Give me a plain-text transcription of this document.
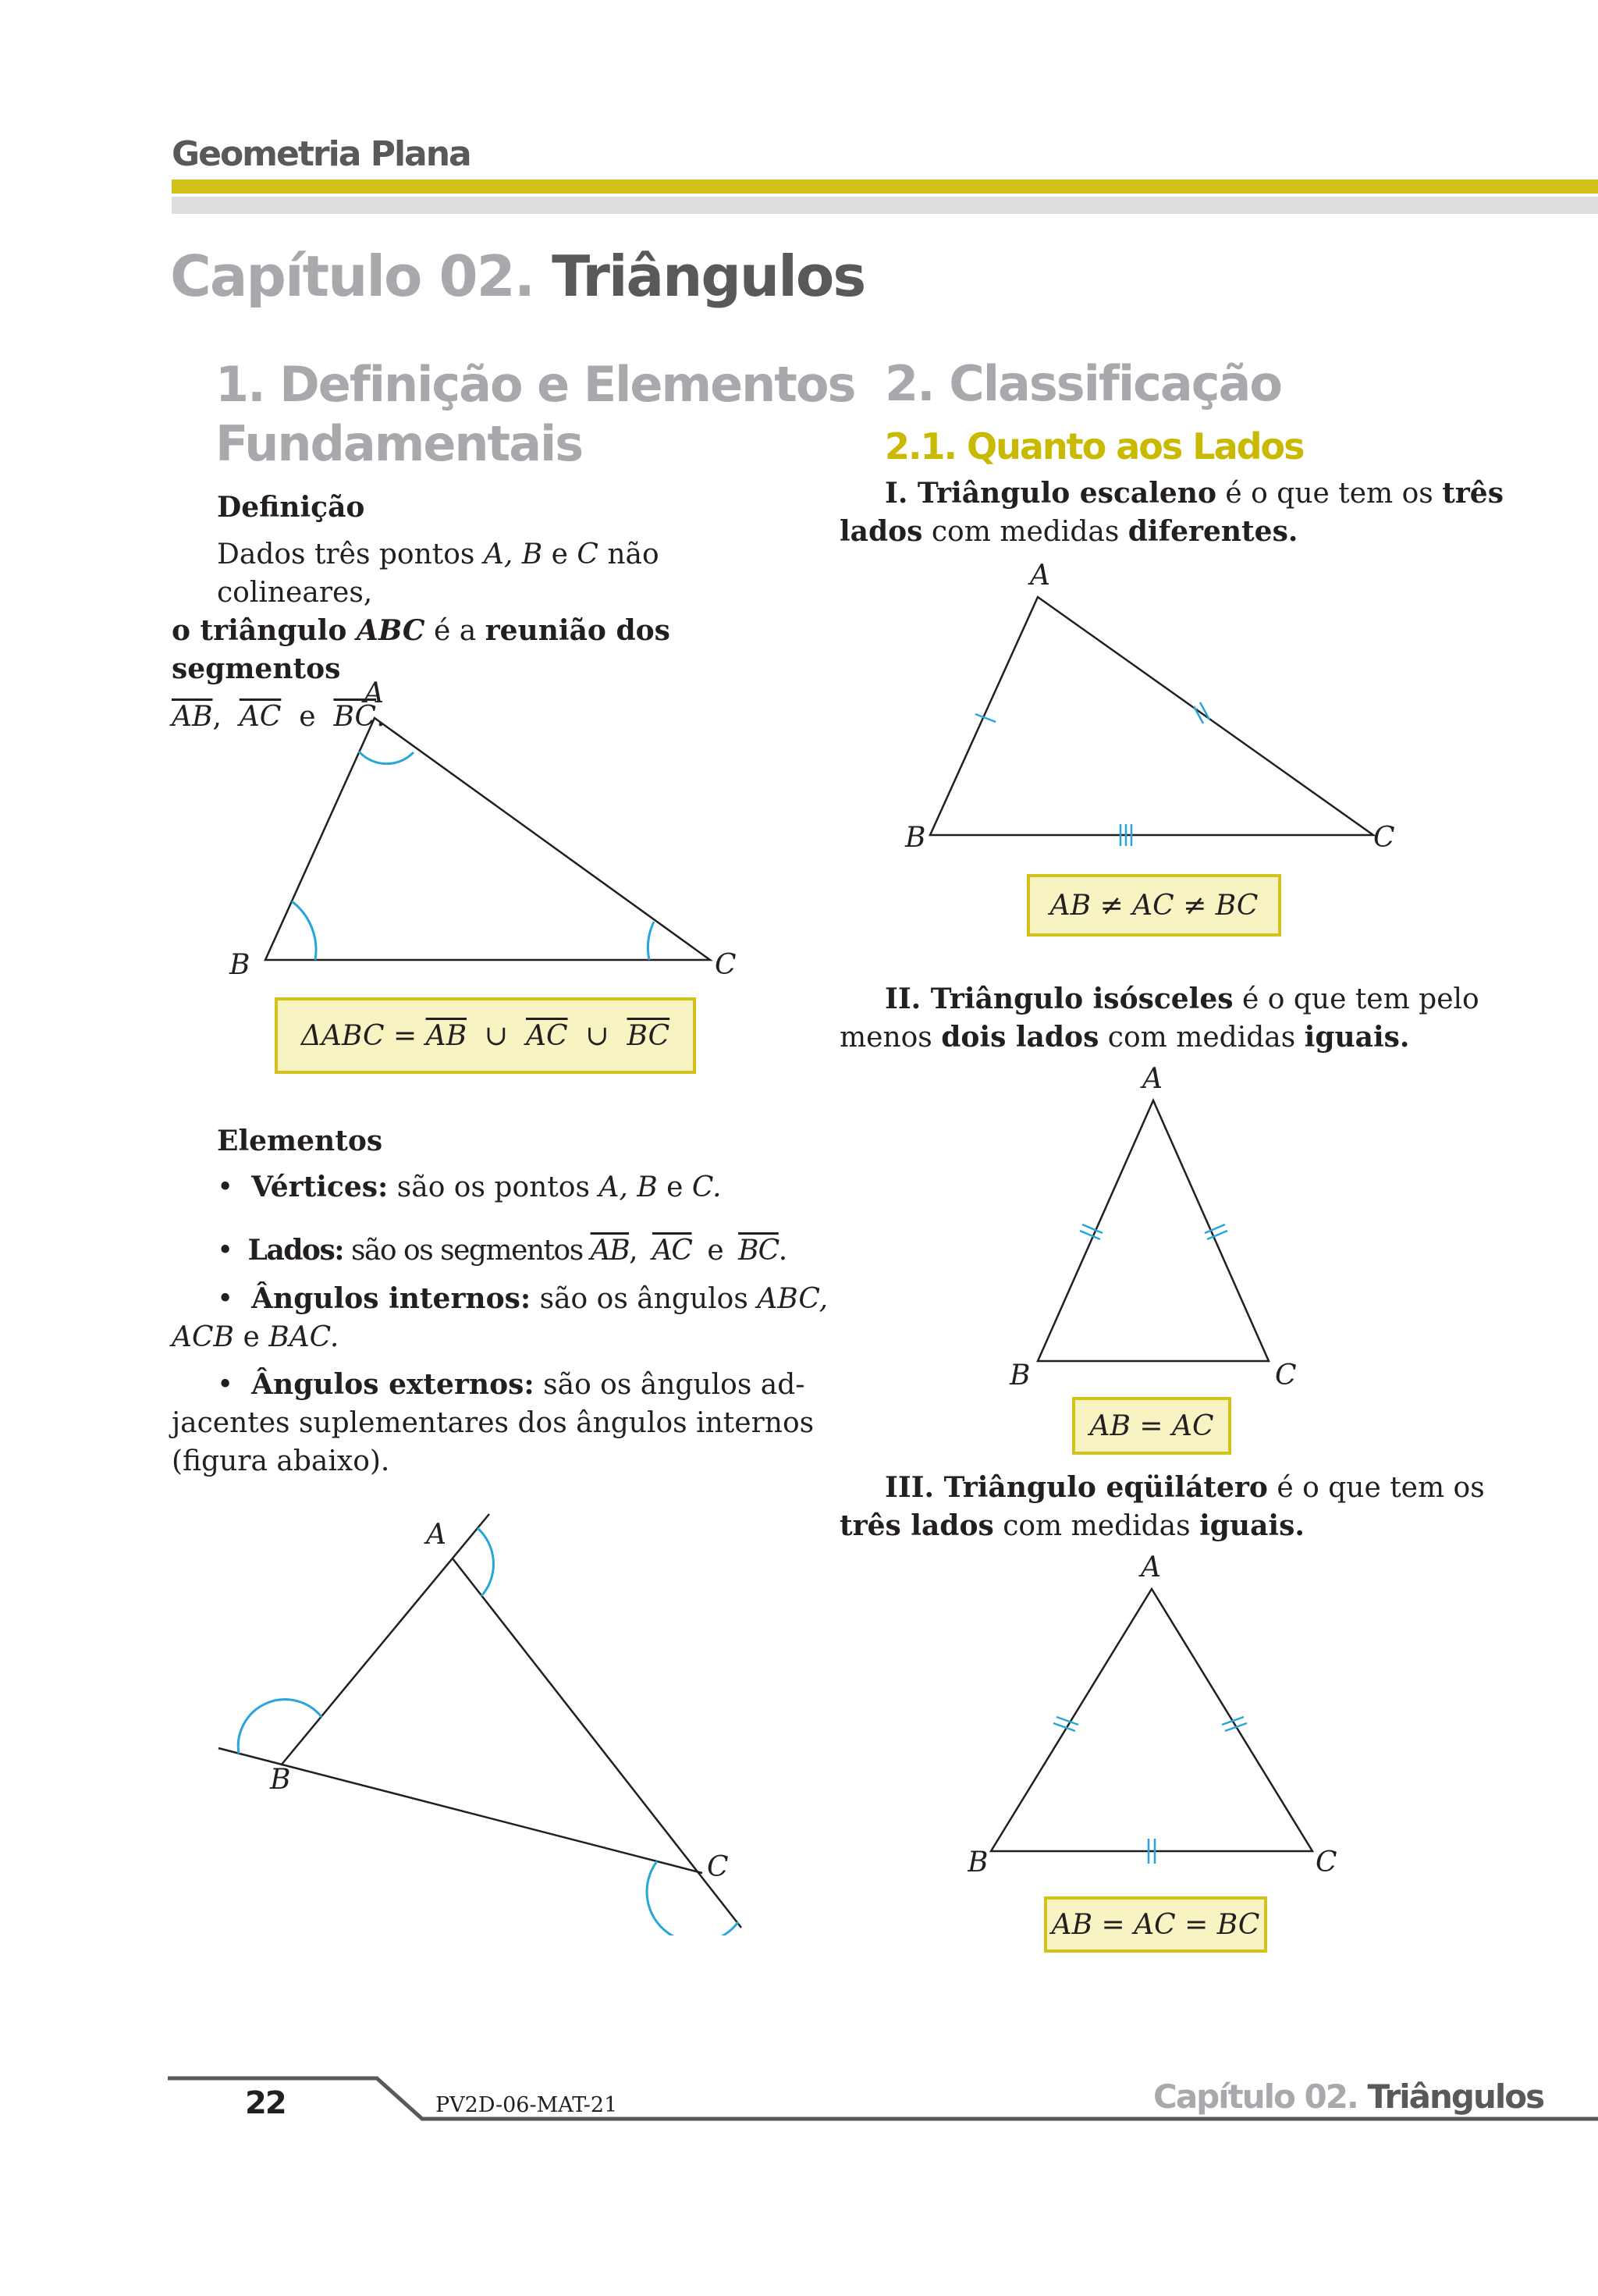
Geometria Plana
Capítulo 02. Triângulos
1. Definição e Elementos
Fundamentais
Definição
Dados três pontos A, B e C não colineares,
o triângulo ABC é a reunião dos segmentos
$\overline{AB}$, $\overline{AC}$ e $\overline{BC}$.
A
B	C
ΔABC =
$\overline{AB}$
∪
$\overline{AC}$
∪
$\overline{BC}$
Elementos
•  Vértices: são os pontos A, B e C.
•  Lados: são os segmentos $\overline{AB}$, $\overline{AC}$ e $\overline{BC}$.
•  Ângulos internos: são os ângulos ABC,
ACB e BAC.
•  Ângulos externos: são os ângulos ad-
jacentes suplementares dos ângulos internos
(figura abaixo).
A
B
C
2. Classificação
2.1. Quanto aos Lados
I. Triângulo escaleno é o que tem os três
lados com medidas diferentes.
A
B	C
AB ≠ AC ≠ BC
II. Triângulo isósceles é o que tem pelo
menos dois lados com medidas iguais.
A
B	C
AB = AC
III. Triângulo eqüilátero é o que tem os
três lados com medidas iguais.
A
B	C
AB = AC = BC
22	PV2D-06-MAT-21	Capítulo 02. Triângulos
